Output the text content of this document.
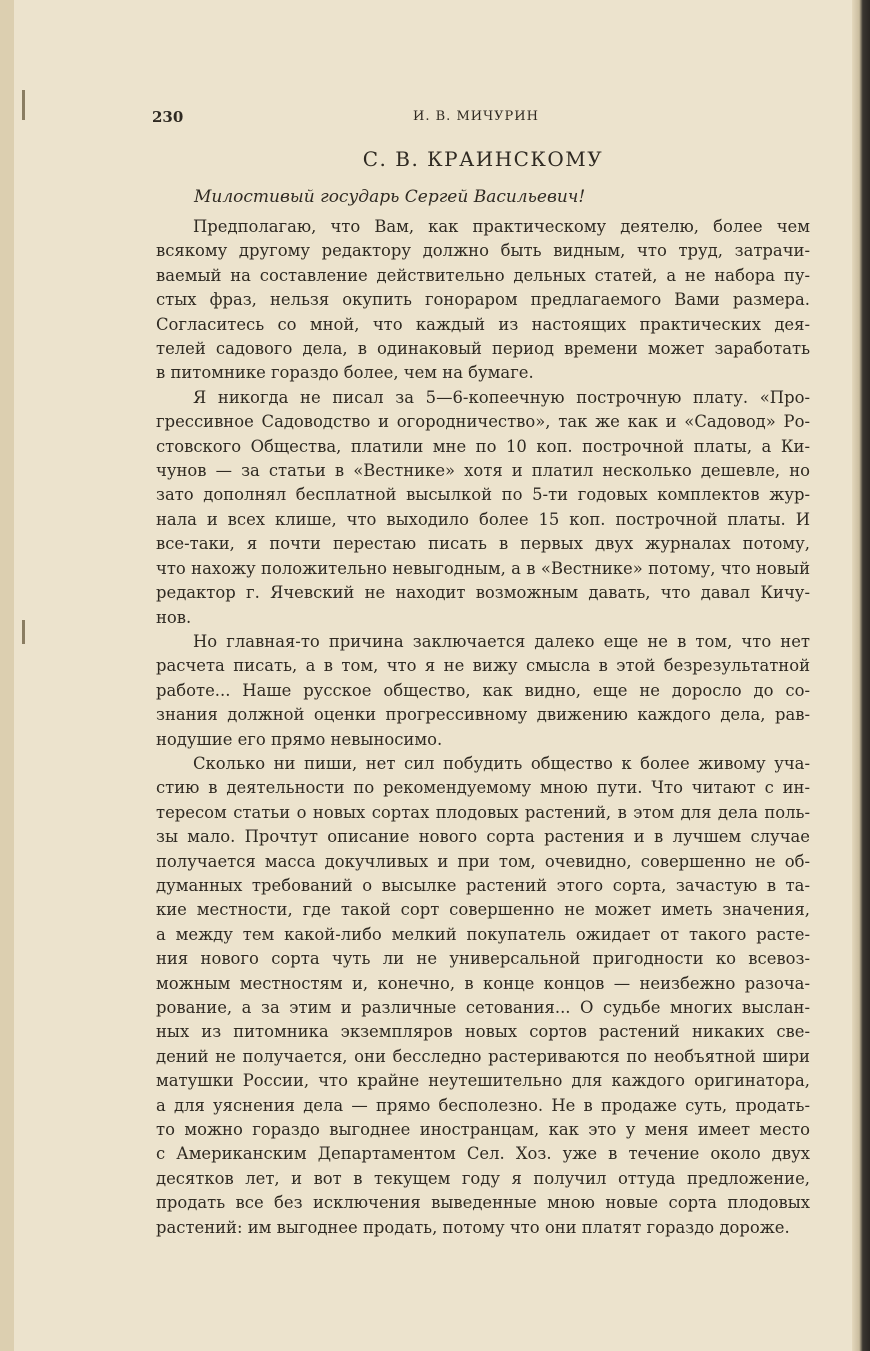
230	И. В. МИЧУРИН
С. В. КРАИНСКОМУ
Милостивый государь Сергей Васильевич!
Предполагаю, что Вам, как практическому деятелю, более чем
всякому другому редактору должно быть видным, что труд, затрачи-
ваемый на составление действительно дельных статей, а не набора пу-
стых фраз, нельзя окупить гонораром предлагаемого Вами размера.
Согласитесь со мной, что каждый из настоящих практических дея-
телей садового дела, в одинаковый период времени может заработать
в питомнике гораздо более, чем на бумаге.
Я никогда не писал за 5—6-копеечную построчную плату. «Про-
грессивное Садоводство и огородничество», так же как и «Садовод» Ро-
стовского Общества, платили мне по 10 коп. построчной платы, а Ки-
чунов — за статьи в «Вестнике» хотя и платил несколько дешевле, но
зато дополнял бесплатной высылкой по 5-ти годовых комплектов жур-
нала и всех клише, что выходило более 15 коп. построчной платы. И
все-таки, я почти перестаю писать в первых двух журналах потому,
что нахожу положительно невыгодным, а в «Вестнике» потому, что новый
редактор г. Ячевский не находит возможным давать, что давал Кичу-
нов.
Но главная-то причина заключается далеко еще не в том, что нет
расчета писать, а в том, что я не вижу смысла в этой безрезультатной
работе... Наше русское общество, как видно, еще не доросло до со-
знания должной оценки прогрессивному движению каждого дела, рав-
нодушие его прямо невыносимо.
Сколько ни пиши, нет сил побудить общество к более живому уча-
стию в деятельности по рекомендуемому мною пути. Что читают с ин-
тересом статьи о новых сортах плодовых растений, в этом для дела поль-
зы мало. Прочтут описание нового сорта растения и в лучшем случае
получается масса докучливых и при том, очевидно, совершенно не об-
думанных требований о высылке растений этого сорта, зачастую в та-
кие местности, где такой сорт совершенно не может иметь значения,
а между тем какой-либо мелкий покупатель ожидает от такого расте-
ния нового сорта чуть ли не универсальной пригодности ко всевоз-
можным местностям и, конечно, в конце концов — неизбежно разоча-
рование, а за этим и различные сетования... О судьбе многих выслан-
ных из питомника экземпляров новых сортов растений никаких све-
дений не получается, они бесследно растериваются по необъятной шири
матушки России, что крайне неутешительно для каждого оригинатора,
а для уяснения дела — прямо бесполезно. Не в продаже суть, продать-
то можно гораздо выгоднее иностранцам, как это у меня имеет место
с Американским Департаментом Сел. Хоз. уже в течение около двух
десятков лет, и вот в текущем году я получил оттуда предложение,
продать все без исключения выведенные мною новые сорта плодовых
растений: им выгоднее продать, потому что они платят гораздо дороже.
